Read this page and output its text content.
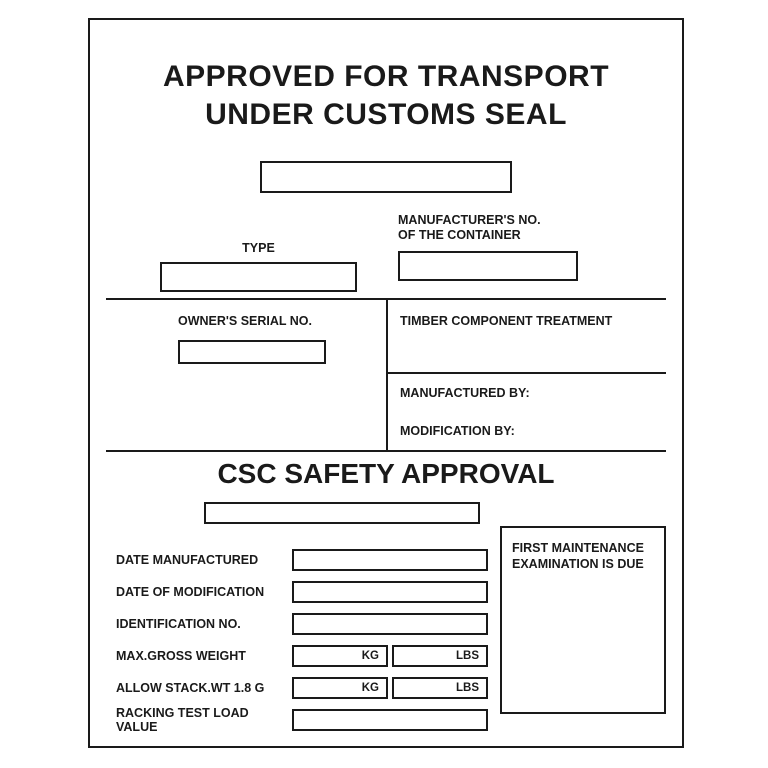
APPROVED FOR TRANSPORT
UNDER CUSTOMS SEAL
TYPE
MANUFACTURER'S NO.
OF THE CONTAINER
OWNER'S SERIAL NO.	TIMBER COMPONENT TREATMENT
MANUFACTURED BY:
MODIFICATION BY:
CSC SAFETY APPROVAL
DATE MANUFACTURED
DATE OF MODIFICATION
IDENTIFICATION NO.
MAX.GROSS WEIGHT	KG	LBS
ALLOW STACK.WT 1.8 G	KG	LBS
RACKING TEST LOAD VALUE
FIRST MAINTENANCE
EXAMINATION IS DUE
